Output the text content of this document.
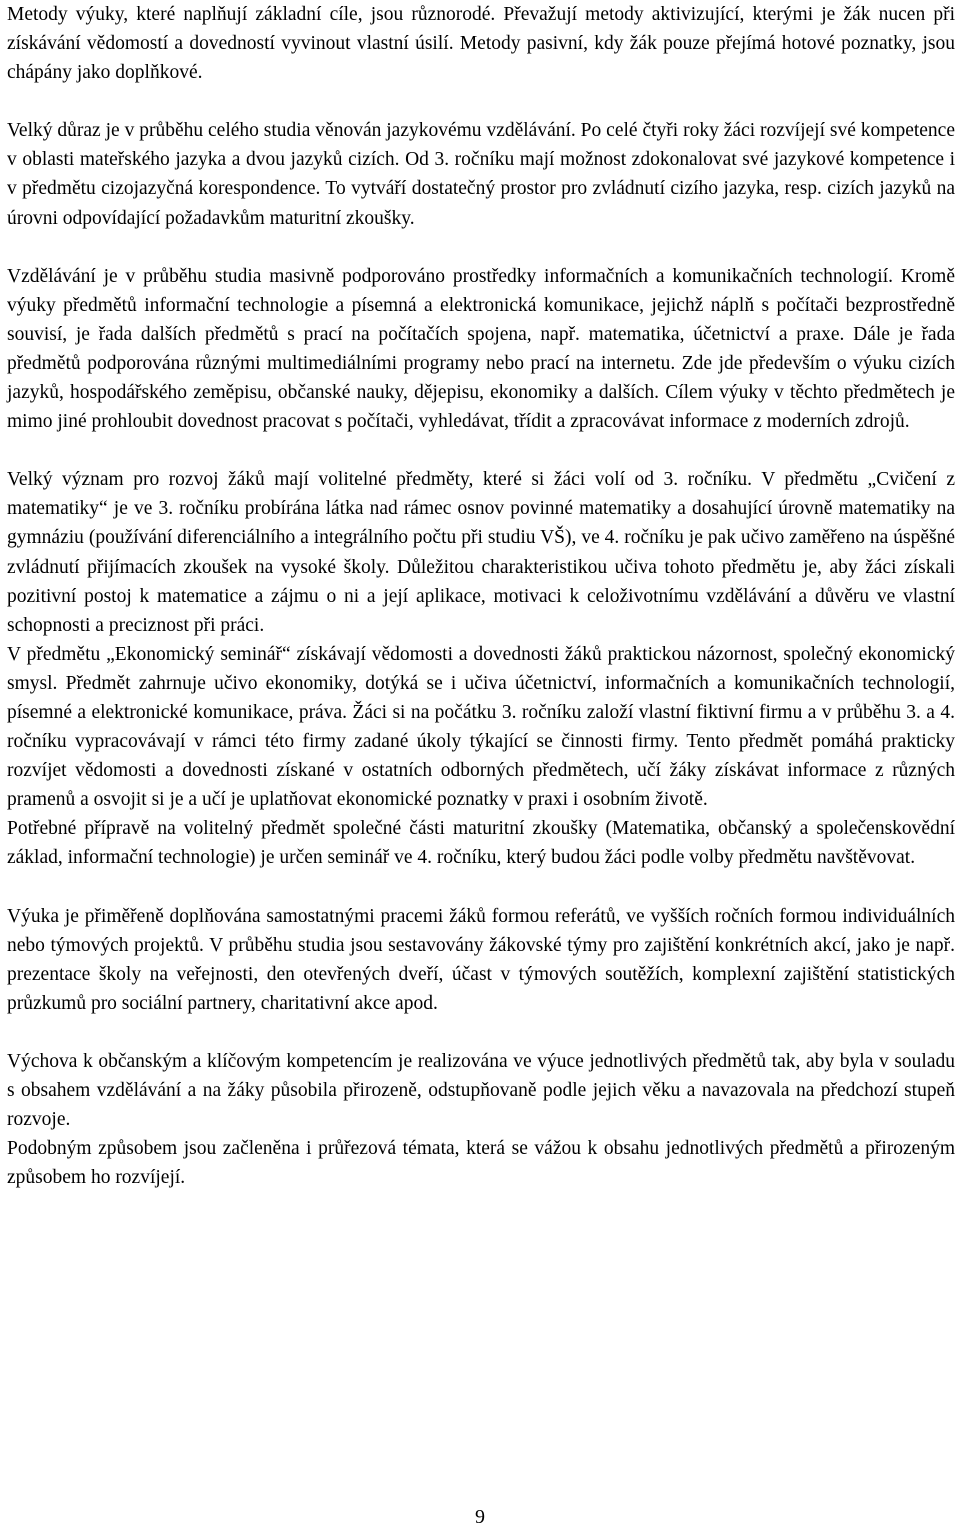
Metody výuky, které naplňují základní cíle, jsou různorodé. Převažují metody aktivizující, kterými je žák nucen při získávání vědomostí a dovedností vyvinout vlastní úsilí. Metody pasivní, kdy žák pouze přejímá hotové poznatky, jsou chápány jako doplňkové.

Velký důraz je v průběhu celého studia věnován jazykovému vzdělávání. Po celé čtyři roky žáci rozvíjejí své kompetence v oblasti mateřského jazyka a dvou jazyků cizích. Od 3. ročníku mají možnost zdokonalovat své jazykové kompetence i v předmětu cizojazyčná korespondence. To vytváří dostatečný prostor pro zvládnutí cizího jazyka, resp. cizích jazyků na úrovni odpovídající požadavkům maturitní zkoušky.

Vzdělávání je v průběhu studia masivně podporováno prostředky informačních a komunikačních technologií. Kromě výuky předmětů informační technologie a písemná a elektronická komunikace, jejichž náplň s počítači bezprostředně souvisí, je řada dalších předmětů s prací na počítačích spojena, např. matematika, účetnictví a praxe. Dále je řada předmětů podporována různými multimediálními programy nebo prací na internetu. Zde jde především o výuku cizích jazyků, hospodářského zeměpisu, občanské nauky, dějepisu, ekonomiky a dalších. Cílem výuky v těchto předmětech je mimo jiné prohloubit dovednost pracovat s počítači, vyhledávat, třídit a zpracovávat informace z moderních zdrojů.

Velký význam pro rozvoj žáků mají volitelné předměty, které si žáci volí od 3. ročníku. V předmětu „Cvičení z matematiky“ je ve 3. ročníku probírána látka nad rámec osnov povinné matematiky a dosahující úrovně matematiky na gymnáziu (používání diferenciálního a integrálního počtu při studiu VŠ), ve 4. ročníku je pak učivo zaměřeno na úspěšné zvládnutí přijímacích zkoušek na vysoké školy. Důležitou charakteristikou učiva tohoto předmětu je, aby žáci získali pozitivní postoj k matematice a zájmu o ni a její aplikace, motivaci k celoživotnímu vzdělávání a důvěru ve vlastní schopnosti a preciznost při práci.

V předmětu „Ekonomický seminář“ získávají vědomosti a dovednosti žáků praktickou názornost, společný ekonomický smysl. Předmět zahrnuje učivo ekonomiky, dotýká se i učiva účetnictví, informačních a komunikačních technologií, písemné a elektronické komunikace, práva. Žáci si na počátku 3. ročníku založí vlastní fiktivní firmu a v průběhu 3. a 4. ročníku vypracovávají v rámci této firmy zadané úkoly týkající se činnosti firmy. Tento předmět pomáhá prakticky rozvíjet vědomosti a dovednosti získané v ostatních odborných předmětech, učí žáky získávat informace z různých pramenů a osvojit si je a učí je uplatňovat ekonomické poznatky v praxi i osobním životě.

Potřebné přípravě na volitelný předmět společné části maturitní zkoušky (Matematika, občanský a společenskovědní základ, informační technologie) je určen seminář ve 4. ročníku, který budou žáci podle volby předmětu navštěvovat.

Výuka je přiměřeně doplňována samostatnými pracemi žáků formou referátů, ve vyšších ročních formou individuálních nebo týmových projektů. V průběhu studia jsou sestavovány žákovské týmy pro zajištění konkrétních akcí, jako je např. prezentace školy na veřejnosti, den otevřených dveří, účast v týmových soutěžích, komplexní zajištění statistických průzkumů pro sociální partnery, charitativní akce apod.

Výchova k občanským a klíčovým kompetencím je realizována ve výuce jednotlivých předmětů tak, aby byla v souladu s obsahem vzdělávání a na žáky působila přirozeně, odstupňovaně podle jejich věku a navazovala na předchozí stupeň rozvoje.

Podobným způsobem jsou začleněna i průřezová témata, která se vážou k obsahu jednotlivých předmětů a přirozeným způsobem ho rozvíjejí.

9
